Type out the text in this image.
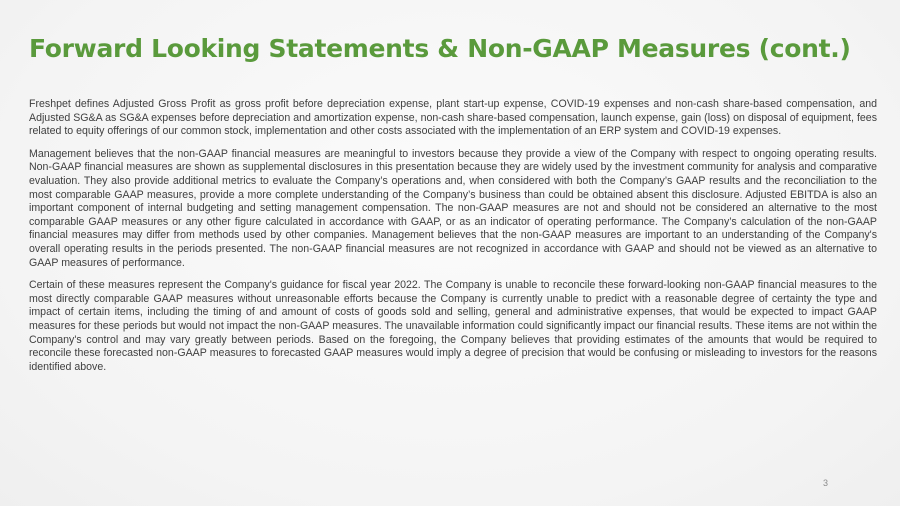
Forward Looking Statements & Non-GAAP Measures (cont.)

Freshpet defines Adjusted Gross Profit as gross profit before depreciation expense, plant start-up expense, COVID-19 expenses and non-cash share-based compensation, and Adjusted SG&A as SG&A expenses before depreciation and amortization expense, non-cash share-based compensation, launch expense, gain (loss) on disposal of equipment, fees related to equity offerings of our common stock, implementation and other costs associated with the implementation of an ERP system and COVID-19 expenses.

Management believes that the non-GAAP financial measures are meaningful to investors because they provide a view of the Company with respect to ongoing operating results. Non-GAAP financial measures are shown as supplemental disclosures in this presentation because they are widely used by the investment community for analysis and comparative evaluation. They also provide additional metrics to evaluate the Company’s operations and, when considered with both the Company’s GAAP results and the reconciliation to the most comparable GAAP measures, provide a more complete understanding of the Company’s business than could be obtained absent this disclosure. Adjusted EBITDA is also an important component of internal budgeting and setting management compensation. The non-GAAP measures are not and should not be considered an alternative to the most comparable GAAP measures or any other figure calculated in accordance with GAAP, or as an indicator of operating performance. The Company’s calculation of the non-GAAP financial measures may differ from methods used by other companies. Management believes that the non-GAAP measures are important to an understanding of the Company's overall operating results in the periods presented. The non-GAAP financial measures are not recognized in accordance with GAAP and should not be viewed as an alternative to GAAP measures of performance.

Certain of these measures represent the Company's guidance for fiscal year 2022. The Company is unable to reconcile these forward-looking non-GAAP financial measures to the most directly comparable GAAP measures without unreasonable efforts because the Company is currently unable to predict with a reasonable degree of certainty the type and impact of certain items, including the timing of and amount of costs of goods sold and selling, general and administrative expenses, that would be expected to impact GAAP measures for these periods but would not impact the non-GAAP measures. The unavailable information could significantly impact our financial results. These items are not within the Company's control and may vary greatly between periods. Based on the foregoing, the Company believes that providing estimates of the amounts that would be required to reconcile these forecasted non-GAAP measures to forecasted GAAP measures would imply a degree of precision that would be confusing or misleading to investors for the reasons identified above.

3
